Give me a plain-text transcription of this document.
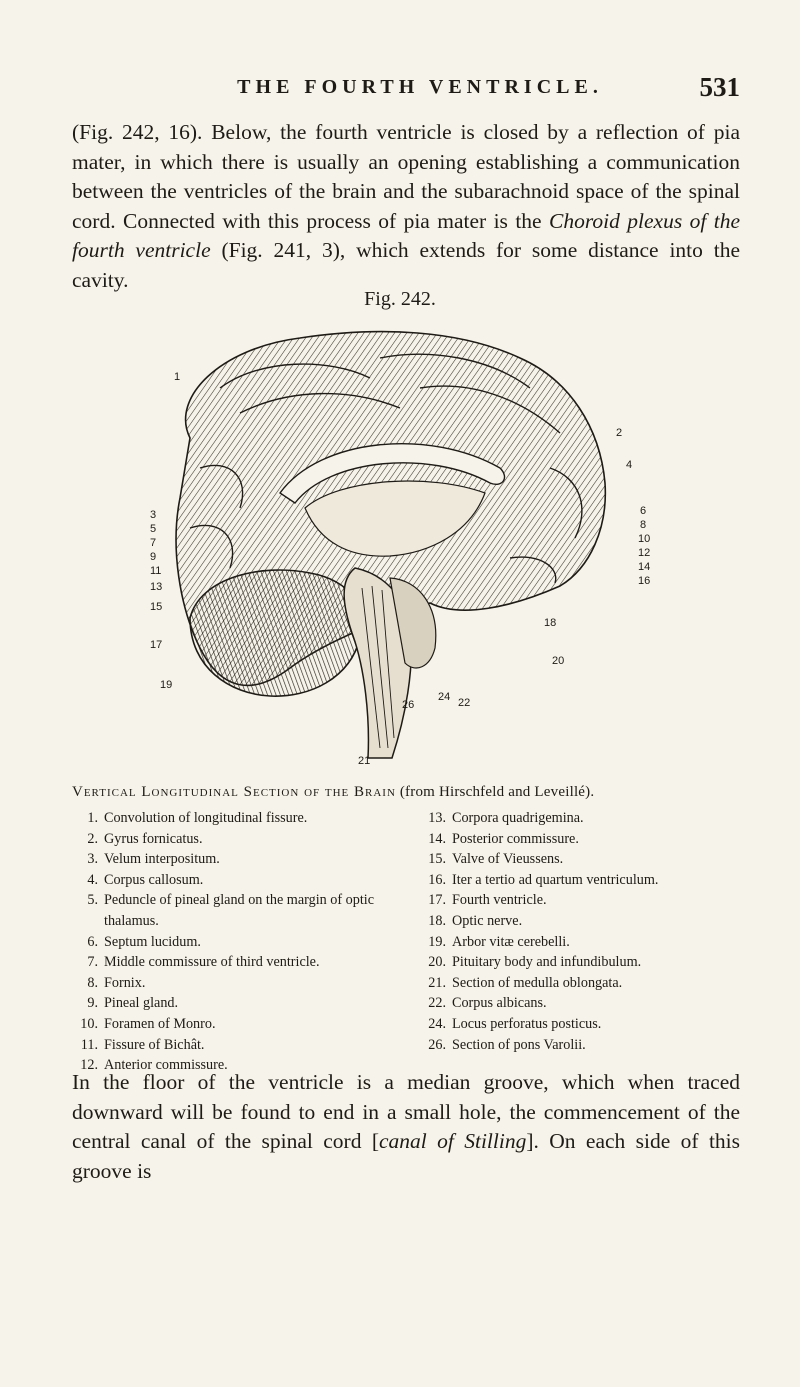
THE FOURTH VENTRICLE.	531
(Fig. 242, 16). Below, the fourth ventricle is closed by a reflection of pia mater, in which there is usually an opening establishing a communication between the ventricles of the brain and the subarachnoid space of the spinal cord. Connected with this process of pia mater is the Choroid plexus of the fourth ventricle (Fig. 241, 3), which extends for some distance into the cavity.
Fig. 242.
1
2
3
4
5
6
7
8
9
10
11
12
13
14
15
16
17
18
19
20
21
22
24
26
Vertical Longitudinal Section of the Brain (from Hirschfeld and Leveillé).
1. Convolution of longitudinal fissure.
2. Gyrus fornicatus.
3. Velum interpositum.
4. Corpus callosum.
5. Peduncle of pineal gland on the margin of optic thalamus.
6. Septum lucidum.
7. Middle commissure of third ventricle.
8. Fornix.
9. Pineal gland.
10. Foramen of Monro.
11. Fissure of Bichât.
12. Anterior commissure.
13. Corpora quadrigemina.
14. Posterior commissure.
15. Valve of Vieussens.
16. Iter a tertio ad quartum ventriculum.
17. Fourth ventricle.
18. Optic nerve.
19. Arbor vitæ cerebelli.
20. Pituitary body and infundibulum.
21. Section of medulla oblongata.
22. Corpus albicans.
24. Locus perforatus posticus.
26. Section of pons Varolii.
In the floor of the ventricle is a median groove, which when traced downward will be found to end in a small hole, the commencement of the central canal of the spinal cord [canal of Stilling]. On each side of this groove is
